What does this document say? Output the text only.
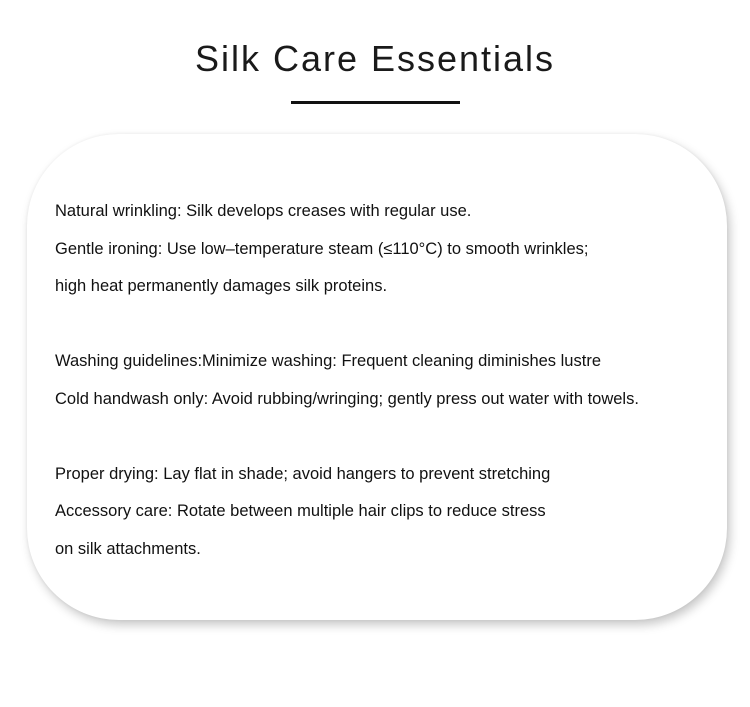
Silk Care Essentials

Natural wrinkling: Silk develops creases with regular use.

Gentle ironing: Use low–temperature steam (≤110°C) to smooth wrinkles;

high heat permanently damages silk proteins.

Washing guidelines:Minimize washing: Frequent cleaning diminishes lustre

Cold handwash only: Avoid rubbing/wringing; gently press out water with towels.

Proper drying: Lay flat in shade; avoid hangers to prevent stretching

Accessory care: Rotate between multiple hair clips to reduce stress

on silk attachments.
